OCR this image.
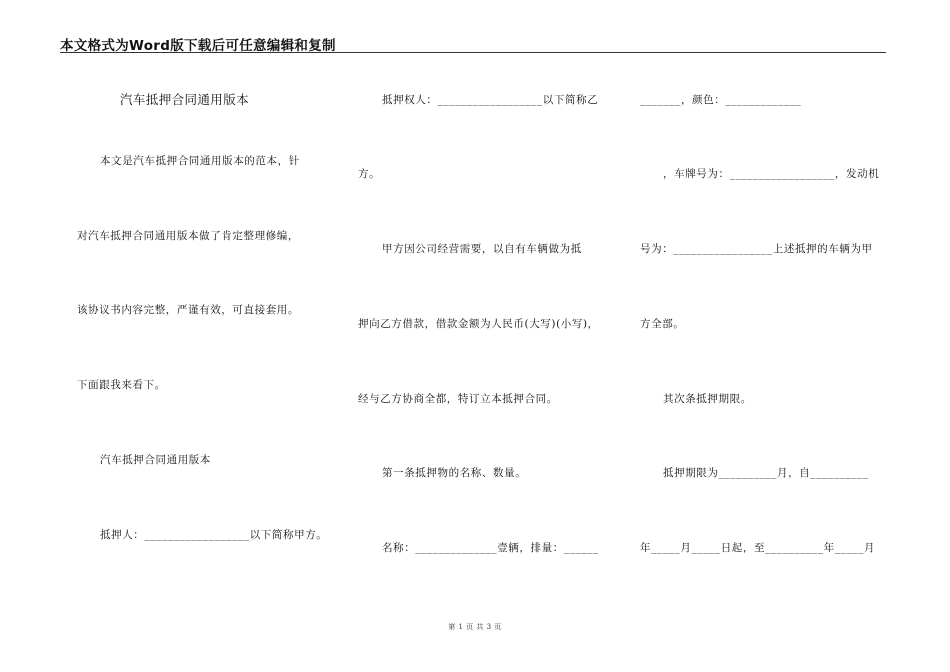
本文格式为Word版下载后可任意编辑和复制
汽车抵押合同通用版本
本文是汽车抵押合同通用版本的范本，针
对汽车抵押合同通用版本做了肯定整理修编，
该协议书内容完整，严谨有效，可直接套用。
下面跟我来看下。
汽车抵押合同通用版本
抵押人：__________________以下简称甲方。
抵押权人：__________________以下简称乙
方。
甲方因公司经营需要，以自有车辆做为抵
押向乙方借款，借款金额为人民币(大写)(小写)，
经与乙方协商全都，特订立本抵押合同。
第一条抵押物的名称、数量。
名称：______________壹辆，排量：______
_______，颜色：_____________
，车牌号为：__________________，发动机
号为：_________________上述抵押的车辆为甲
方全部。
其次条抵押期限。
抵押期限为__________月，自__________
年_____月_____日起，至__________年_____月
第 1 页 共 3 页
